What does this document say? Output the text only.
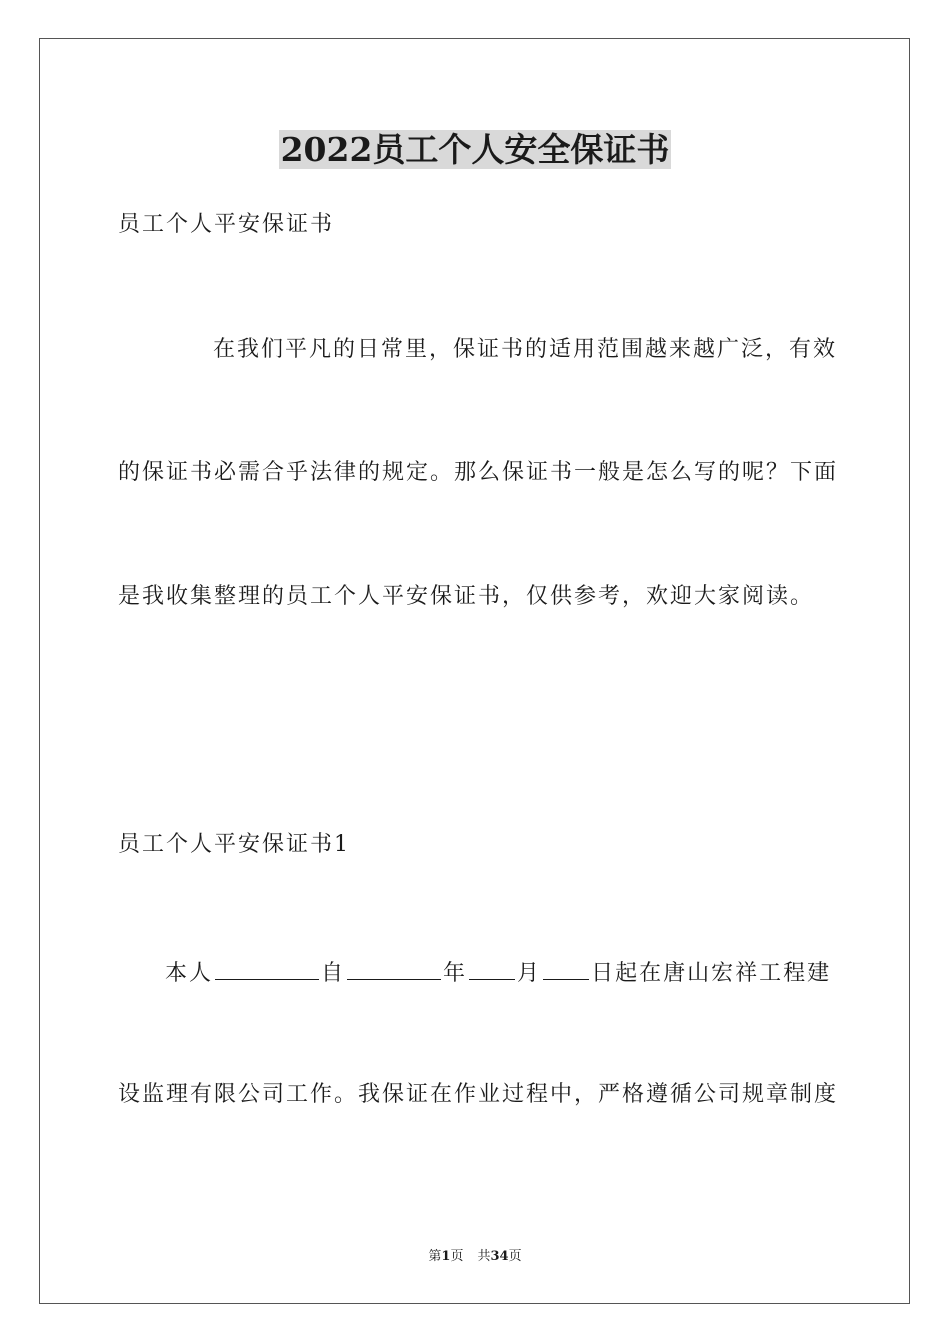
2022员工个人安全保证书
员工个人平安保证书
在我们平凡的日常里，保证书的适用范围越来越广泛，有效
的保证书必需合乎法律的规定。那么保证书一般是怎么写的呢？下面
是我收集整理的员工个人平安保证书，仅供参考，欢迎大家阅读。
员工个人平安保证书1
本人	自	年 月 日起在唐山宏祥工程建
设监理有限公司工作。我保证在作业过程中，严格遵循公司规章制度
第1页 共34页
